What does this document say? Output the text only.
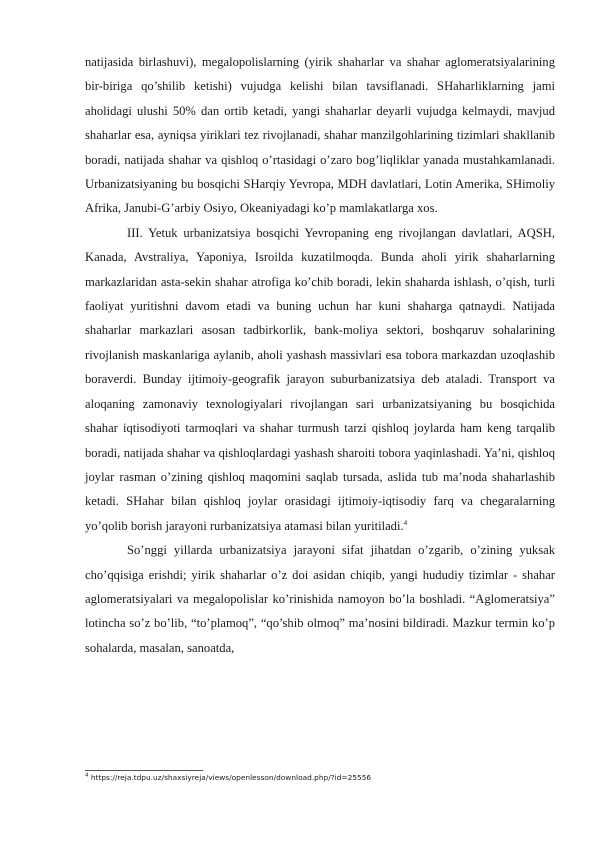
natijasida birlashuvi), megalopolislarning (yirik shaharlar va shahar aglomeratsiyalarining bir-biriga qo’shilib ketishi) vujudga kelishi bilan tavsiflanadi. SHaharliklarning jami aholidagi ulushi 50% dan ortib ketadi, yangi shaharlar deyarli vujudga kelmaydi, mavjud shaharlar esa, ayniqsa yiriklari tez rivojlanadi, shahar manzilgohlarining tizimlari shakllanib boradi, natijada shahar va qishloq o’rtasidagi o’zaro bog’liqliklar yanada mustahkamlanadi. Urbanizatsiyaning bu bosqichi SHarqiy Yevropa, MDH davlatlari, Lotin Amerika, SHimoliy Afrika, Janubi-G’arbiy Osiyo, Okeaniyadagi ko’p mamlakatlarga xos.

III. Yetuk urbanizatsiya bosqichi Yevropaning eng rivojlangan davlatlari, AQSH, Kanada, Avstraliya, Yaponiya, Isroilda kuzatilmoqda. Bunda aholi yirik shaharlarning markazlaridan asta-sekin shahar atrofiga ko’chib boradi, lekin shaharda ishlash, o’qish, turli faoliyat yuritishni davom etadi va buning uchun har kuni shaharga qatnaydi. Natijada shaharlar markazlari asosan tadbirkorlik, bank-moliya sektori, boshqaruv sohalarining rivojlanish maskanlariga aylanib, aholi yashash massivlari esa tobora markazdan uzoqlashib boraverdi. Bunday ijtimoiy-geografik jarayon suburbanizatsiya deb ataladi. Transport va aloqaning zamonaviy texnologiyalari rivojlangan sari urbanizatsiyaning bu bosqichida shahar iqtisodiyoti tarmoqlari va shahar turmush tarzi qishloq joylarda ham keng tarqalib boradi, natijada shahar va qishloqlardagi yashash sharoiti tobora yaqinlashadi. Ya’ni, qishloq joylar rasman o’zining qishloq maqomini saqlab tursada, aslida tub ma’noda shaharlashib ketadi. SHahar bilan qishloq joylar orasidagi ijtimoiy-iqtisodiy farq va chegaralarning yo’qolib borish jarayoni rurbanizatsiya atamasi bilan yuritiladi.$^4$

So’nggi yillarda urbanizatsiya jarayoni sifat jihatdan o’zgarib, o’zining yuksak cho’qqisiga erishdi; yirik shaharlar o’z doi asidan chiqib, yangi hududiy tizimlar - shahar aglomeratsiyalari va megalopolislar ko’rinishida namoyon bo’la boshladi. “Aglomeratsiya” lotincha so’z bo’lib, “to’plamoq”, “qo’shib olmoq” ma’nosini bildiradi. Mazkur termin ko’p sohalarda, masalan, sanoatda,

$^4$ https://reja.tdpu.uz/shaxsiyreja/views/openlesson/download.php/?id=25556
